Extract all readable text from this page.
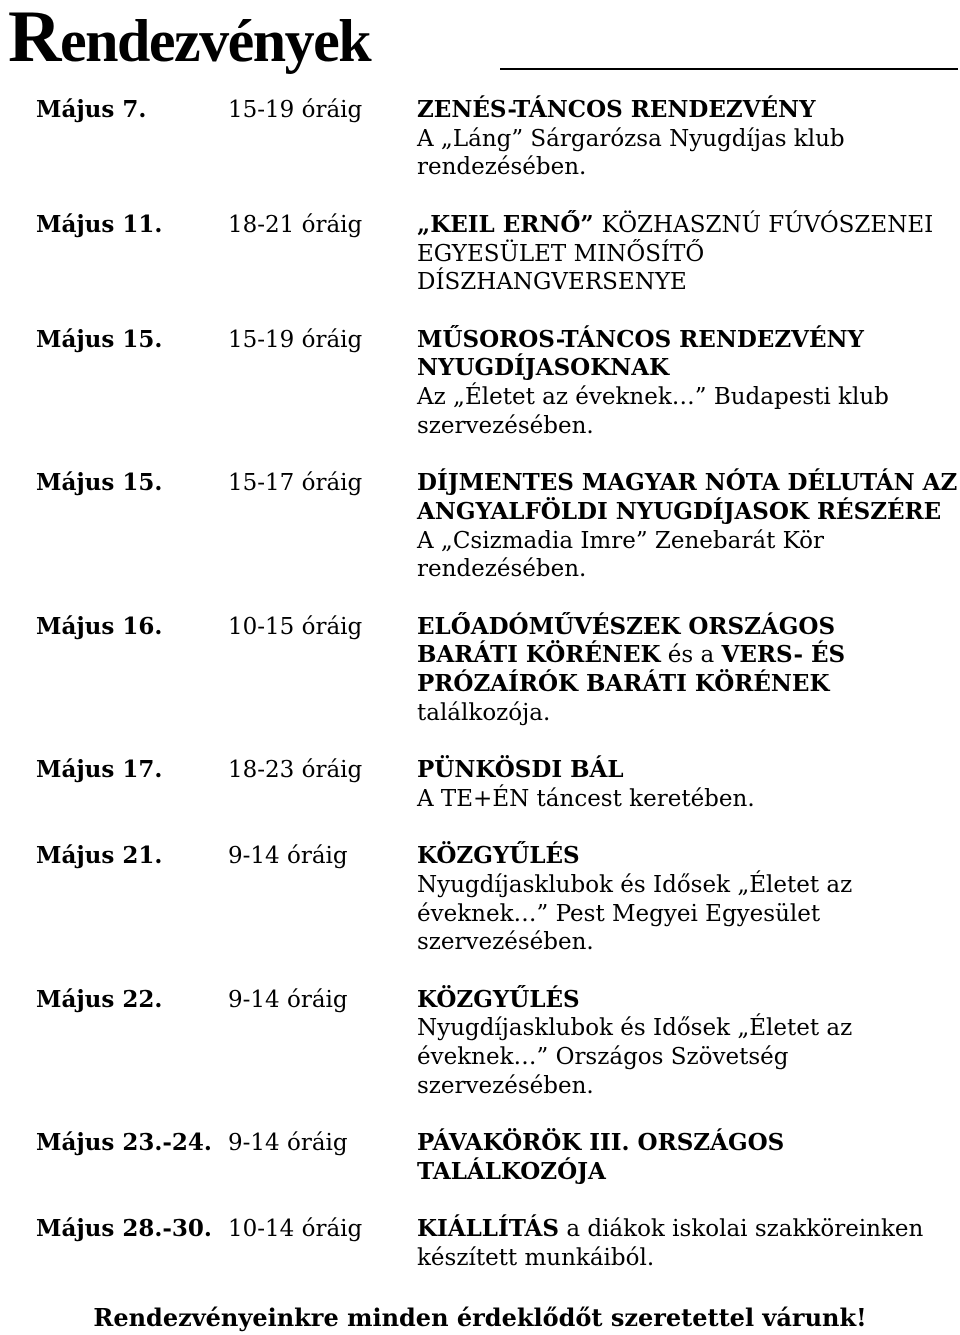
Rendezvények
Május 7.	15-19 óráig	ZENÉS-TÁNCOS RENDEZVÉNY
A „Láng” Sárgarózsa Nyugdíjas klub
rendezésében.
Május 11.	18-21 óráig	„KEIL ERNŐ” KÖZHASZNÚ FÚVÓSZENEI
EGYESÜLET MINŐSÍTŐ
DÍSZHANGVERSENYE
Május 15.	15-19 óráig	MŰSOROS-TÁNCOS RENDEZVÉNY
NYUGDÍJASOKNAK
Az „Életet az éveknek…” Budapesti klub
szervezésében.
Május 15.	15-17 óráig	DÍJMENTES MAGYAR NÓTA DÉLUTÁN AZ
ANGYALFÖLDI NYUGDÍJASOK RÉSZÉRE
A „Csizmadia Imre” Zenebarát Kör
rendezésében.
Május 16.	10-15 óráig	ELŐADÓMŰVÉSZEK ORSZÁGOS
BARÁTI KÖRÉNEK és a VERS- ÉS
PRÓZAÍRÓK BARÁTI KÖRÉNEK
találkozója.
Május 17.	18-23 óráig	PÜNKÖSDI BÁL
A TE+ÉN táncest keretében.
Május 21.	9-14 óráig	KÖZGYŰLÉS
Nyugdíjasklubok és Idősek „Életet az
éveknek…” Pest Megyei Egyesület
szervezésében.
Május 22.	9-14 óráig	KÖZGYŰLÉS
Nyugdíjasklubok és Idősek „Életet az
éveknek…” Országos Szövetség
szervezésében.
Május 23.-24. 9-14 óráig	PÁVAKÖRÖK III. ORSZÁGOS
TALÁLKOZÓJA
Május 28.-30. 10-14 óráig	KIÁLLÍTÁS a diákok iskolai szakköreinken
készített munkáiból.
Rendezvényeinkre minden érdeklődőt szeretettel várunk!
